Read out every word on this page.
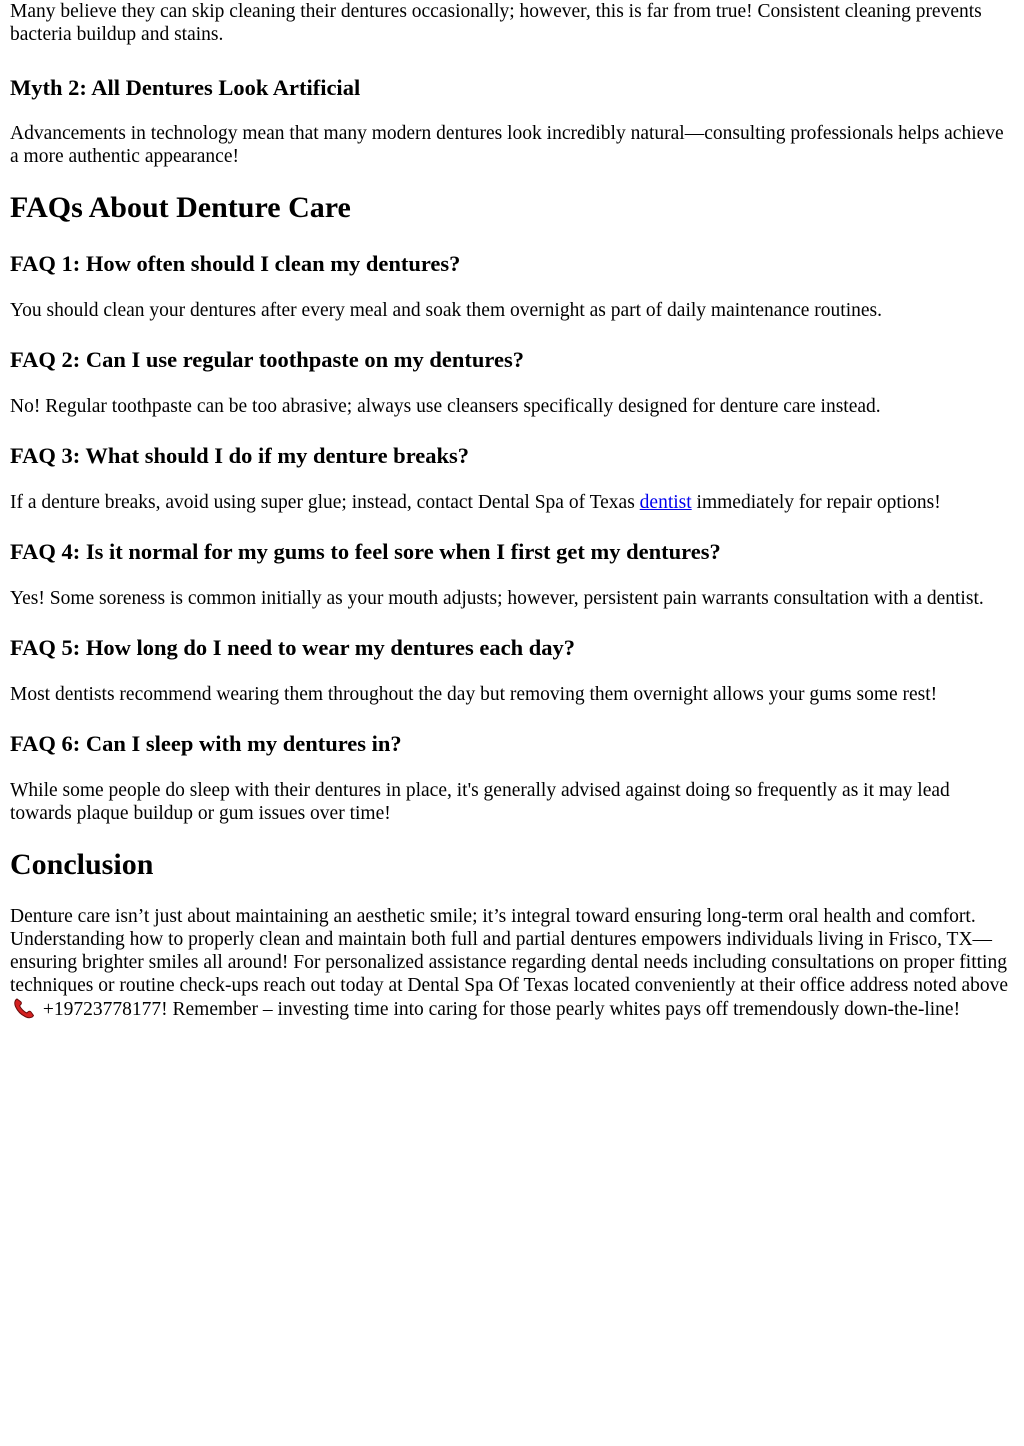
Many believe they can skip cleaning their dentures occasionally; however, this is far from true! Consistent cleaning prevents bacteria buildup and stains.

Myth 2: All Dentures Look Artificial

Advancements in technology mean that many modern dentures look incredibly natural—consulting professionals helps achieve a more authentic appearance!

FAQs About Denture Care
FAQ 1: How often should I clean my dentures?

You should clean your dentures after every meal and soak them overnight as part of daily maintenance routines.

FAQ 2: Can I use regular toothpaste on my dentures?

No! Regular toothpaste can be too abrasive; always use cleansers specifically designed for denture care instead.

FAQ 3: What should I do if my denture breaks?

If a denture breaks, avoid using super glue; instead, contact Dental Spa of Texas dentist immediately for repair options!

FAQ 4: Is it normal for my gums to feel sore when I first get my dentures?

Yes! Some soreness is common initially as your mouth adjusts; however, persistent pain warrants consultation with a dentist.

FAQ 5: How long do I need to wear my dentures each day?

Most dentists recommend wearing them throughout the day but removing them overnight allows your gums some rest!

FAQ 6: Can I sleep with my dentures in?

While some people do sleep with their dentures in place, it's generally advised against doing so frequently as it may lead towards plaque buildup or gum issues over time!

Conclusion

Denture care isn’t just about maintaining an aesthetic smile; it’s integral toward ensuring long-term oral health and comfort. Understanding how to properly clean and maintain both full and partial dentures empowers individuals living in Frisco, TX—ensuring brighter smiles all around! For personalized assistance regarding dental needs including consultations on proper fitting techniques or routine check-ups reach out today at Dental Spa Of Texas located conveniently at their office address noted above  +19723778177! Remember – investing time into caring for those pearly whites pays off tremendously down-the-line!
